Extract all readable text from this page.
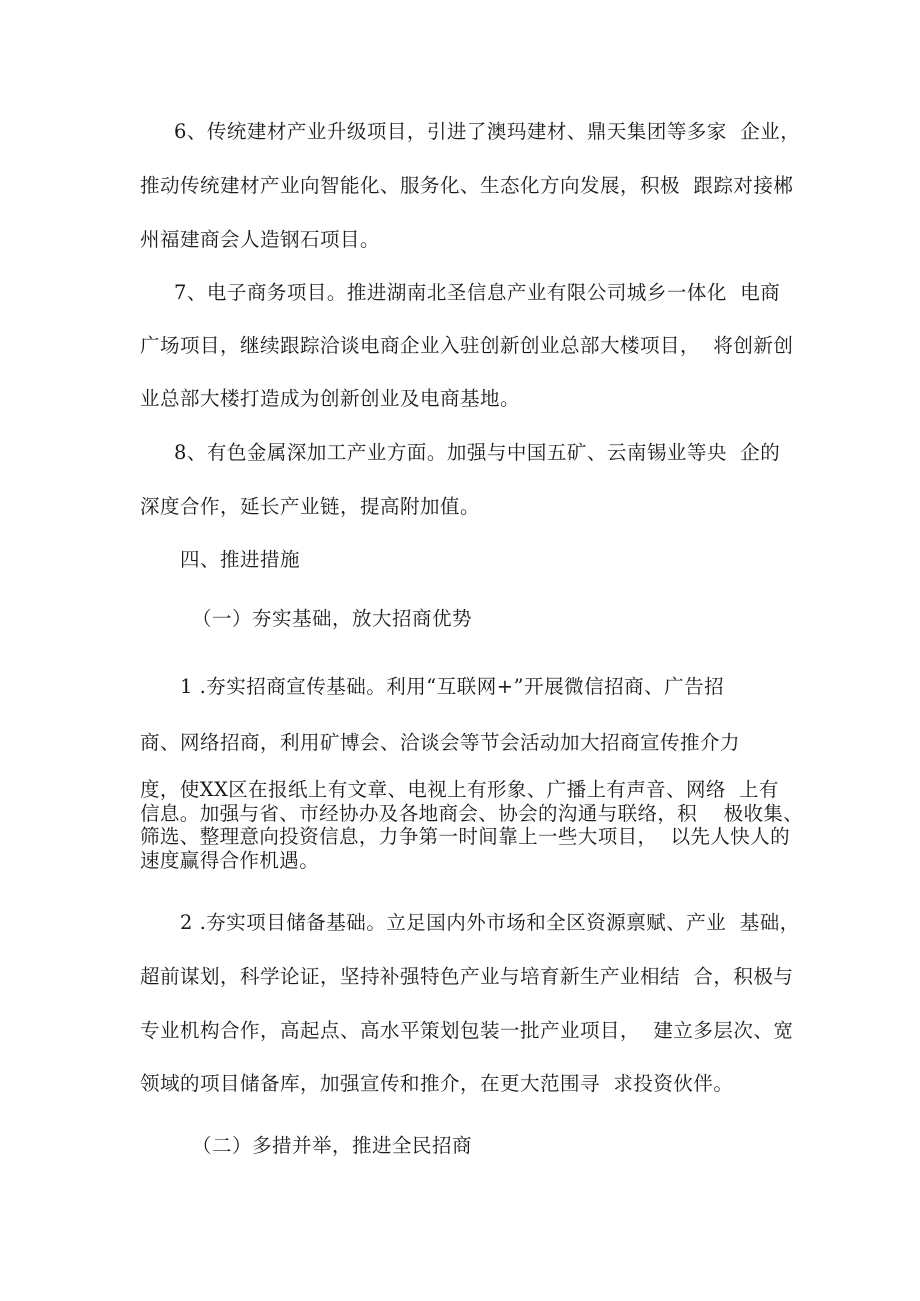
6、传统建材产业升级项目，引进了澳玛建材、鼎天集团等多家  企业，

推动传统建材产业向智能化、服务化、生态化方向发展，积极  跟踪对接郴

州福建商会人造钢石项目。

7、电子商务项目。推进湖南北圣信息产业有限公司城乡一体化  电商

广场项目，继续跟踪洽谈电商企业入驻创新创业总部大楼项目，  将创新创

业总部大楼打造成为创新创业及电商基地。

8、有色金属深加工产业方面。加强与中国五矿、云南锡业等央  企的

深度合作，延长产业链，提高附加值。

四、推进措施

（一）夯实基础，放大招商优势

1 .夯实招商宣传基础。利用“互联网+”开展微信招商、广告招

商、网络招商，利用矿博会、洽谈会等节会活动加大招商宣传推介力

度，使XX区在报纸上有文章、电视上有形象、广播上有声音、网络  上有
信息。加强与省、市经协办及各地商会、协会的沟通与联络，积    极收集、
筛选、整理意向投资信息，力争第一时间靠上一些大项目，  以先人快人的
速度赢得合作机遇。

2 .夯实项目储备基础。立足国内外市场和全区资源禀赋、产业  基础，

超前谋划，科学论证，坚持补强特色产业与培育新生产业相结  合，积极与

专业机构合作，高起点、高水平策划包装一批产业项目，  建立多层次、宽

领域的项目储备库，加强宣传和推介，在更大范围寻  求投资伙伴。

（二）多措并举，推进全民招商
